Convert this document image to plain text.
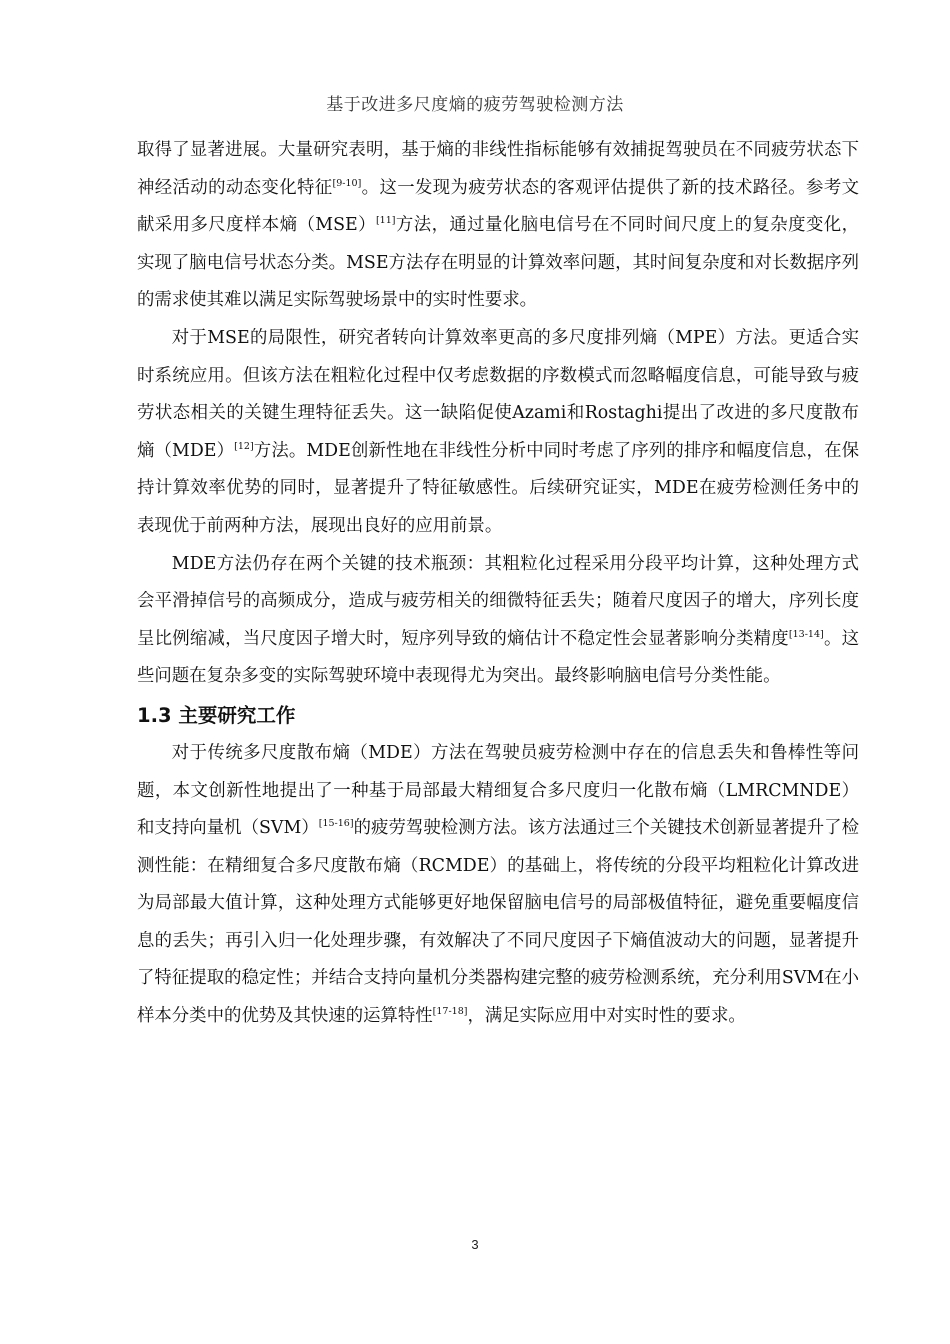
基于改进多尺度熵的疲劳驾驶检测方法

取得了显著进展。大量研究表明，基于熵的非线性指标能够有效捕捉驾驶员在不同疲劳状态下神经活动的动态变化特征[9-10]。这一发现为疲劳状态的客观评估提供了新的技术路径。参考文献采用多尺度样本熵（MSE）[11]方法，通过量化脑电信号在不同时间尺度上的复杂度变化，实现了脑电信号状态分类。MSE方法存在明显的计算效率问题，其时间复杂度和对长数据序列的需求使其难以满足实际驾驶场景中的实时性要求。

对于MSE的局限性，研究者转向计算效率更高的多尺度排列熵（MPE）方法。更适合实时系统应用。但该方法在粗粒化过程中仅考虑数据的序数模式而忽略幅度信息，可能导致与疲劳状态相关的关键生理特征丢失。这一缺陷促使Azami和Rostaghi提出了改进的多尺度散布熵（MDE）[12]方法。MDE创新性地在非线性分析中同时考虑了序列的排序和幅度信息，在保持计算效率优势的同时，显著提升了特征敏感性。后续研究证实，MDE在疲劳检测任务中的表现优于前两种方法，展现出良好的应用前景。

MDE方法仍存在两个关键的技术瓶颈：其粗粒化过程采用分段平均计算，这种处理方式会平滑掉信号的高频成分，造成与疲劳相关的细微特征丢失；随着尺度因子的增大，序列长度呈比例缩减，当尺度因子增大时，短序列导致的熵估计不稳定性会显著影响分类精度[13-14]。这些问题在复杂多变的实际驾驶环境中表现得尤为突出。最终影响脑电信号分类性能。

1.3 主要研究工作

对于传统多尺度散布熵（MDE）方法在驾驶员疲劳检测中存在的信息丢失和鲁棒性等问题，本文创新性地提出了一种基于局部最大精细复合多尺度归一化散布熵（LMRCMNDE）和支持向量机（SVM）[15-16]的疲劳驾驶检测方法。该方法通过三个关键技术创新显著提升了检测性能：在精细复合多尺度散布熵（RCMDE）的基础上，将传统的分段平均粗粒化计算改进为局部最大值计算，这种处理方式能够更好地保留脑电信号的局部极值特征，避免重要幅度信息的丢失；再引入归一化处理步骤，有效解决了不同尺度因子下熵值波动大的问题，显著提升了特征提取的稳定性；并结合支持向量机分类器构建完整的疲劳检测系统，充分利用SVM在小样本分类中的优势及其快速的运算特性[17-18]，满足实际应用中对实时性的要求。

3
